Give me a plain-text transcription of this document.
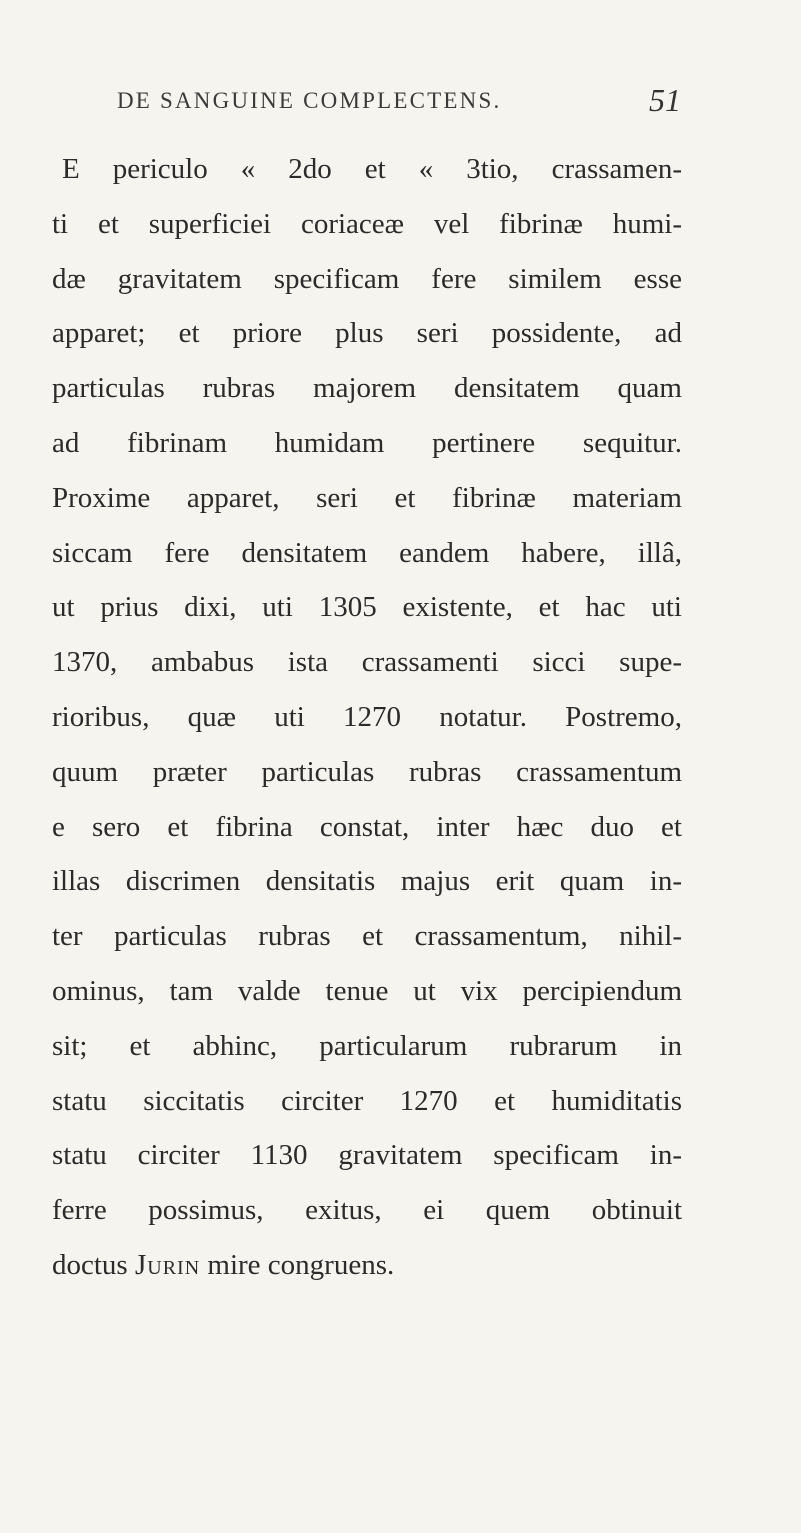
DE SANGUINE COMPLECTENS.	51
E periculo « 2do et « 3tio, crassamen-
ti et superficiei coriaceæ vel fibrinæ humi-
dæ gravitatem specificam fere similem esse
apparet; et priore plus seri possidente, ad
particulas rubras majorem densitatem quam
ad fibrinam humidam pertinere sequitur.
Proxime apparet, seri et fibrinæ materiam
siccam fere densitatem eandem habere, illâ,
ut prius dixi, uti 1305 existente, et hac uti
1370, ambabus ista crassamenti sicci supe-
rioribus, quæ uti 1270 notatur. Postremo,
quum præter particulas rubras crassamentum
e sero et fibrina constat, inter hæc duo et
illas discrimen densitatis majus erit quam in-
ter particulas rubras et crassamentum, nihil-
ominus, tam valde tenue ut vix percipiendum
sit; et abhinc, particularum rubrarum in
statu siccitatis circiter 1270 et humiditatis
statu circiter 1130 gravitatem specificam in-
ferre possimus, exitus, ei quem obtinuit
doctus Jurin mire congruens.
